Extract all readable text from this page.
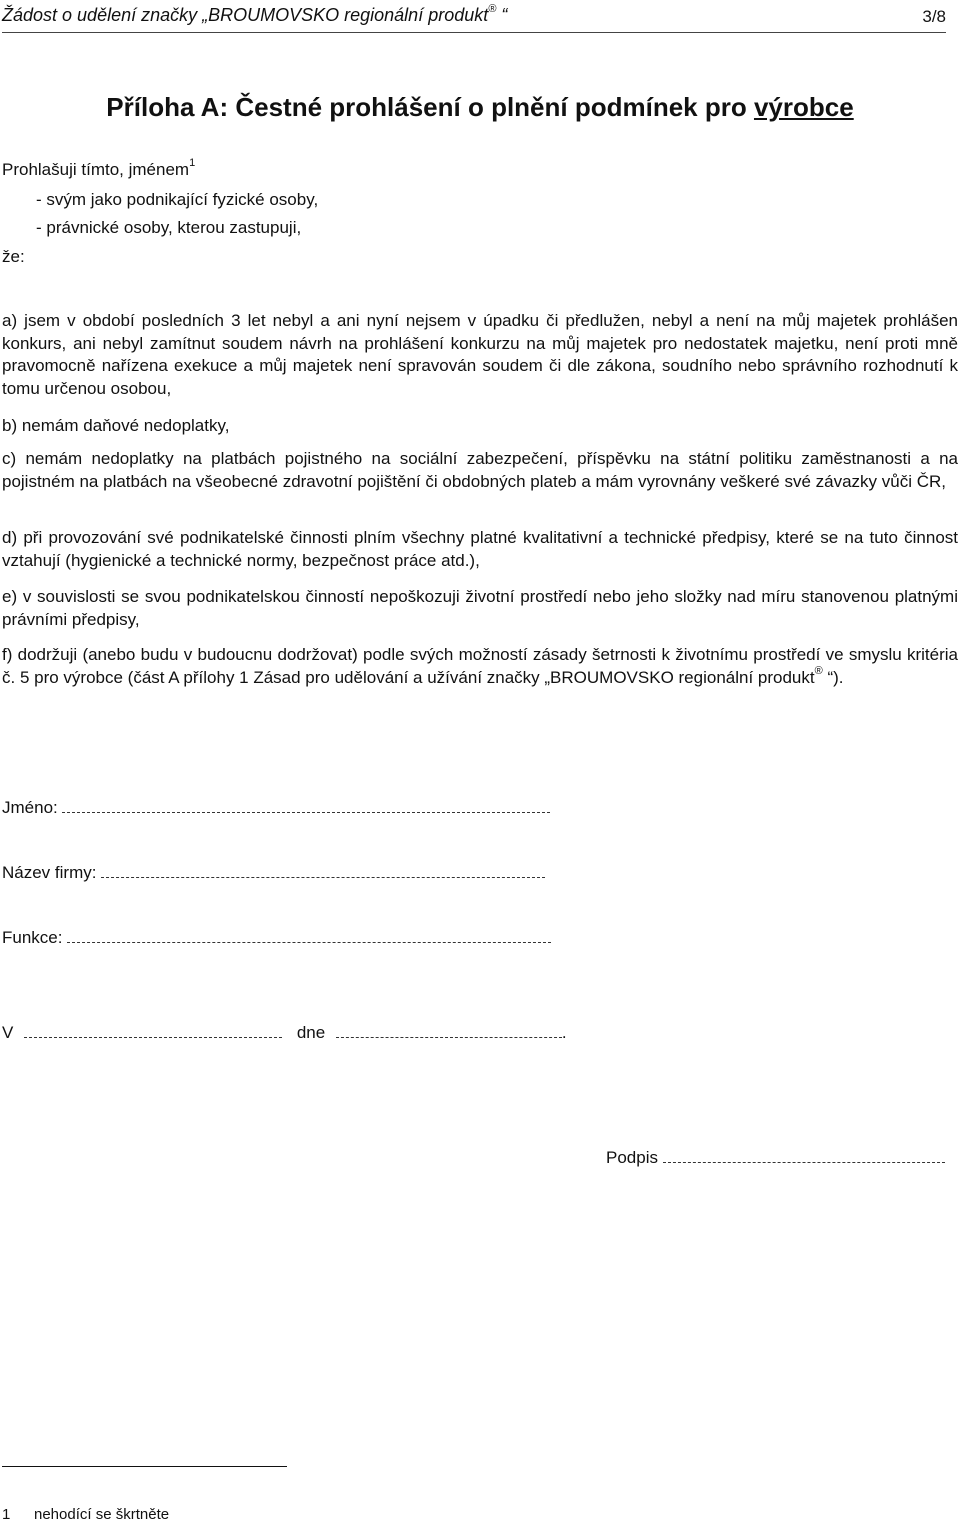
Žádost o udělení značky „BROUMOVSKO regionální produkt® “	3/8
Příloha A: Čestné prohlášení o plnění podmínek pro výrobce
Prohlašuji tímto, jménem$^1$
- svým jako podnikající fyzické osoby,
- právnické osoby, kterou zastupuji,
že:
a) jsem v období posledních 3 let nebyl a ani nyní nejsem v úpadku či předlužen, nebyl a není na můj majetek prohlášen konkurs, ani nebyl zamítnut soudem návrh na prohlášení konkurzu na můj majetek pro nedostatek majetku, není proti mně pravomocně nařízena exekuce a můj majetek není spravován soudem či dle zákona, soudního nebo správního rozhodnutí k tomu určenou osobou,
b) nemám daňové nedoplatky,
c) nemám nedoplatky na platbách pojistného na sociální zabezpečení, příspěvku na státní politiku zaměstnanosti a na pojistném na platbách na všeobecné zdravotní pojištění či obdobných plateb a mám vyrovnány veškeré své závazky vůči ČR,
d) při provozování své podnikatelské činnosti plním všechny platné kvalitativní a technické předpisy, které se na tuto činnost vztahují (hygienické a technické normy, bezpečnost práce atd.),
e) v souvislosti se svou podnikatelskou činností nepoškozuji životní prostředí nebo jeho složky nad míru stanovenou platnými právními předpisy,
f) dodržuji (anebo budu v budoucnu dodržovat) podle svých možností zásady šetrnosti k životnímu prostředí ve smyslu kritéria č. 5 pro výrobce (část A přílohy 1 Zásad pro udělování a užívání značky „BROUMOVSKO regionální produkt® “).
Jméno:
Název firmy:
Funkce:
V	dne	.
Podpis
1 nehodící se škrtněte
